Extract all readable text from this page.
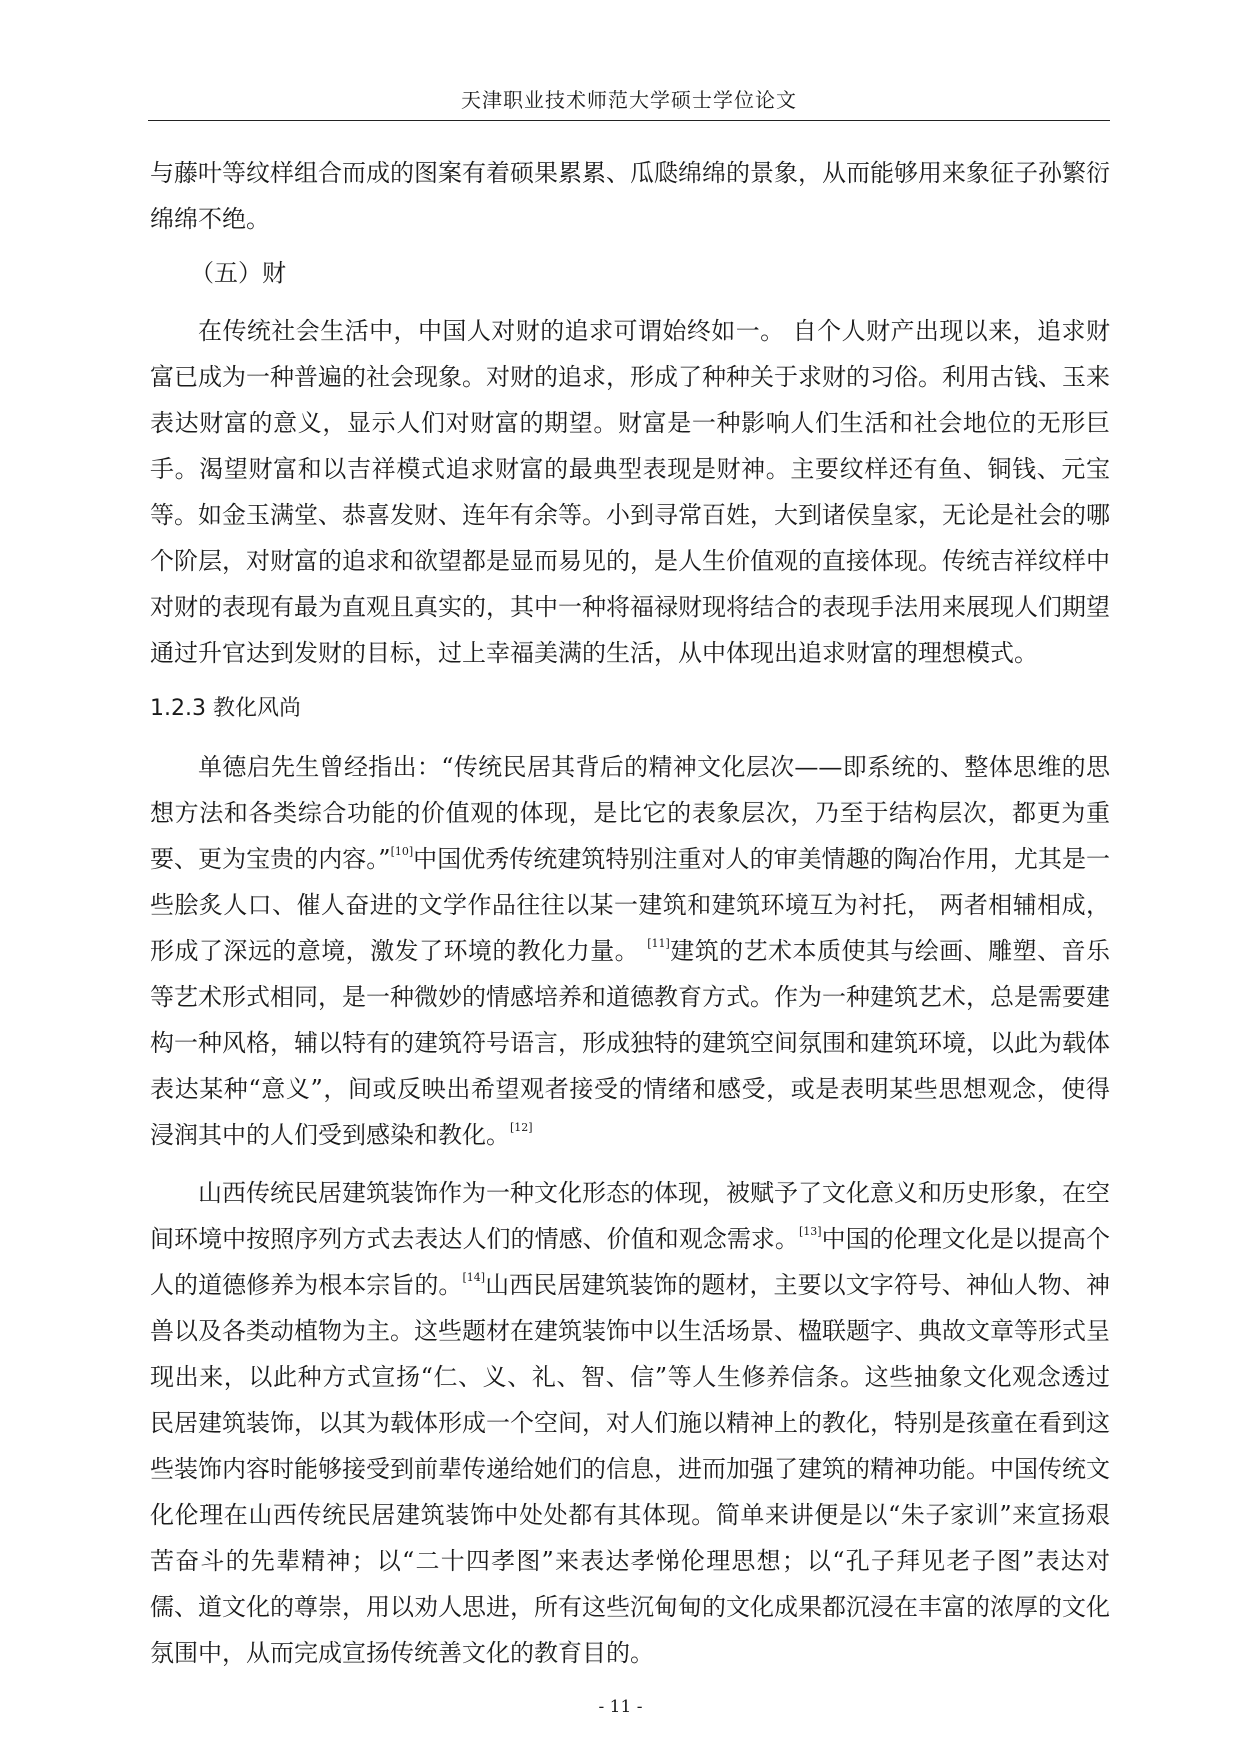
天津职业技术师范大学硕士学位论文

与藤叶等纹样组合而成的图案有着硕果累累、瓜瓞绵绵的景象，从而能够用来象征子孙繁衍绵绵不绝。

（五）财

在传统社会生活中，中国人对财的追求可谓始终如一。 自个人财产出现以来，追求财富已成为一种普遍的社会现象。对财的追求，形成了种种关于求财的习俗。利用古钱、玉来表达财富的意义，显示人们对财富的期望。财富是一种影响人们生活和社会地位的无形巨手。渴望财富和以吉祥模式追求财富的最典型表现是财神。主要纹样还有鱼、铜钱、元宝等。如金玉满堂、恭喜发财、连年有余等。小到寻常百姓，大到诸侯皇家，无论是社会的哪个阶层，对财富的追求和欲望都是显而易见的，是人生价值观的直接体现。传统吉祥纹样中对财的表现有最为直观且真实的，其中一种将福禄财现将结合的表现手法用来展现人们期望通过升官达到发财的目标，过上幸福美满的生活，从中体现出追求财富的理想模式。

1.2.3 教化风尚

单德启先生曾经指出：“传统民居其背后的精神文化层次——即系统的、整体思维的思想方法和各类综合功能的价值观的体现，是比它的表象层次，乃至于结构层次，都更为重要、更为宝贵的内容。”[10]中国优秀传统建筑特别注重对人的审美情趣的陶冶作用，尤其是一些脍炙人口、催人奋进的文学作品往往以某一建筑和建筑环境互为衬托， 两者相辅相成，形成了深远的意境，激发了环境的教化力量。 [11]建筑的艺术本质使其与绘画、雕塑、音乐等艺术形式相同，是一种微妙的情感培养和道德教育方式。作为一种建筑艺术，总是需要建构一种风格，辅以特有的建筑符号语言，形成独特的建筑空间氛围和建筑环境，以此为载体表达某种“意义”，间或反映出希望观者接受的情绪和感受，或是表明某些思想观念，使得浸润其中的人们受到感染和教化。[12]

山西传统民居建筑装饰作为一种文化形态的体现，被赋予了文化意义和历史形象，在空间环境中按照序列方式去表达人们的情感、价值和观念需求。[13]中国的伦理文化是以提高个人的道德修养为根本宗旨的。[14]山西民居建筑装饰的题材，主要以文字符号、神仙人物、神兽以及各类动植物为主。这些题材在建筑装饰中以生活场景、楹联题字、典故文章等形式呈现出来，以此种方式宣扬“仁、义、礼、智、信”等人生修养信条。这些抽象文化观念透过民居建筑装饰，以其为载体形成一个空间，对人们施以精神上的教化，特别是孩童在看到这些装饰内容时能够接受到前辈传递给她们的信息，进而加强了建筑的精神功能。中国传统文化伦理在山西传统民居建筑装饰中处处都有其体现。简单来讲便是以“朱子家训”来宣扬艰苦奋斗的先辈精神；以“二十四孝图”来表达孝悌伦理思想；以“孔子拜见老子图”表达对儒、道文化的尊崇，用以劝人思进，所有这些沉甸甸的文化成果都沉浸在丰富的浓厚的文化氛围中，从而完成宣扬传统善文化的教育目的。

- 11 -
